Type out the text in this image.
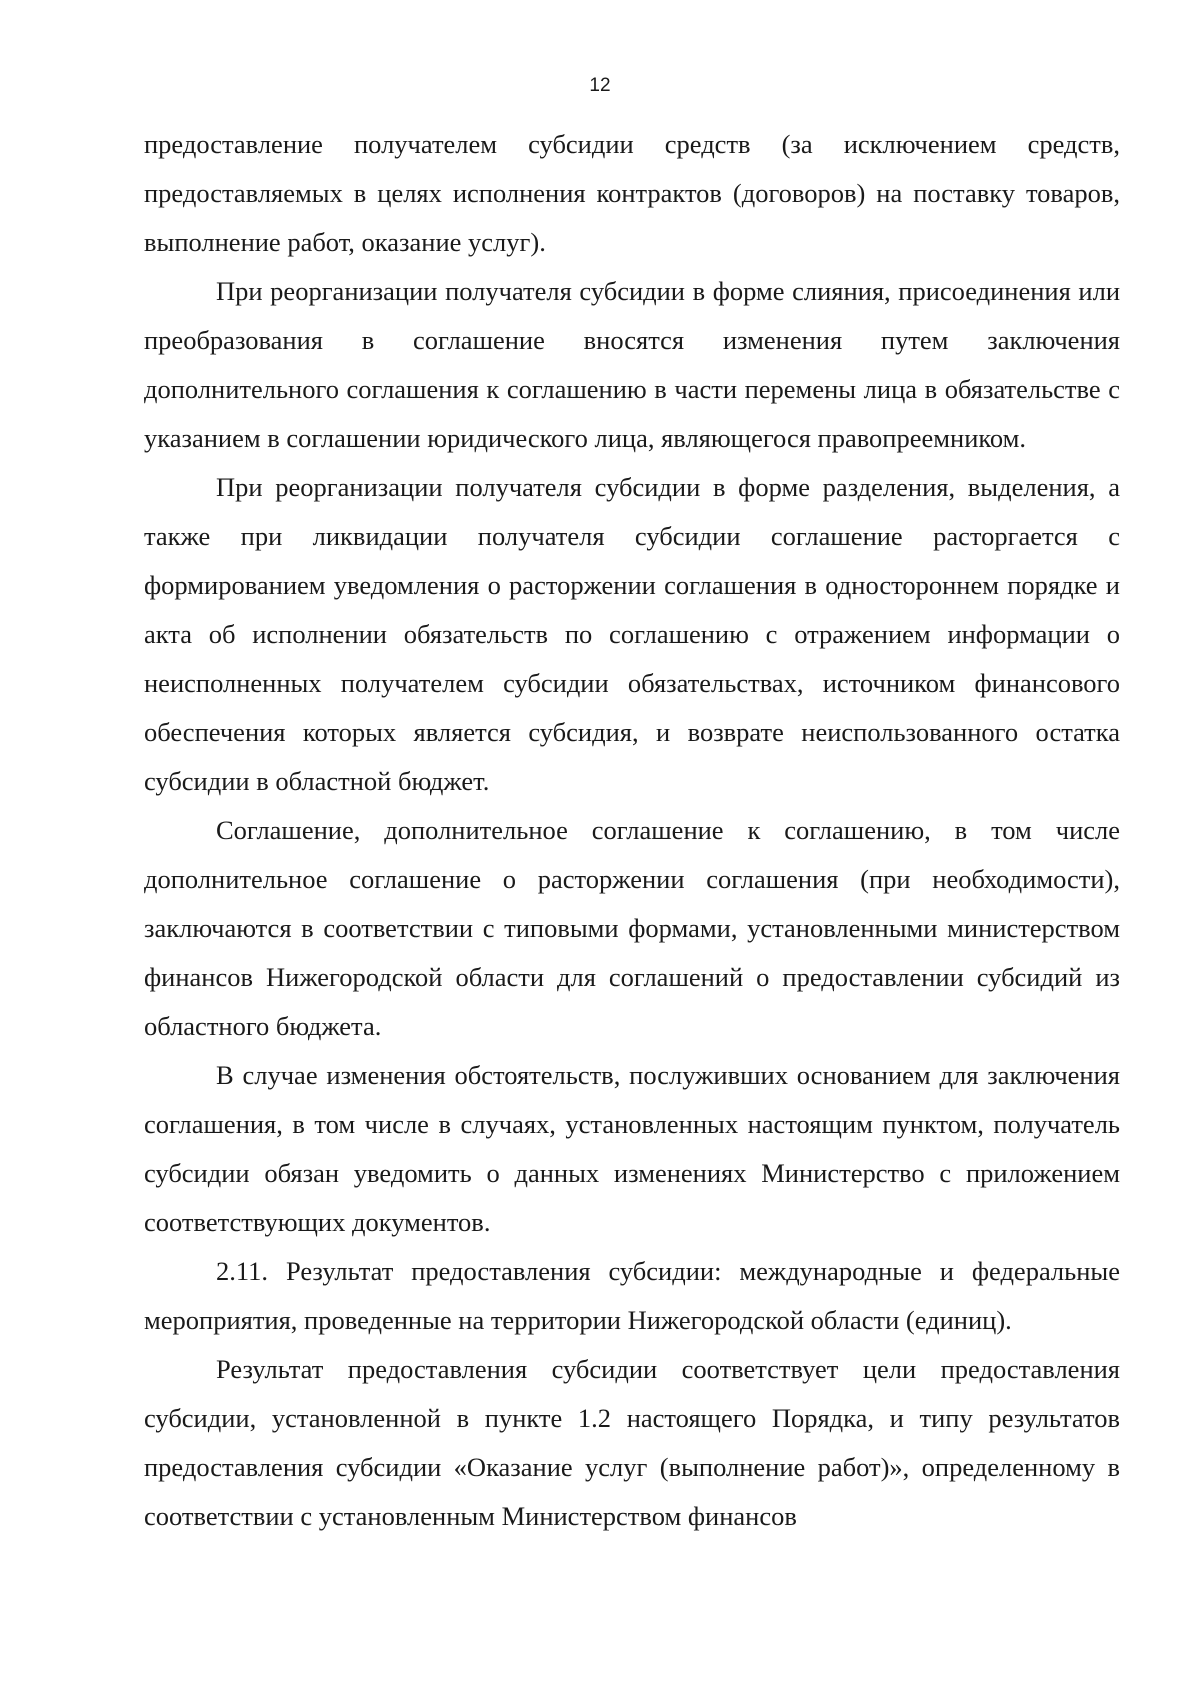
12

предоставление получателем субсидии средств (за исключением средств, предоставляемых в целях исполнения контрактов (договоров) на поставку товаров, выполнение работ, оказание услуг).

При реорганизации получателя субсидии в форме слияния, присоединения или преобразования в соглашение вносятся изменения путем заключения дополнительного соглашения к соглашению в части перемены лица в обязательстве с указанием в соглашении юридического лица, являющегося правопреемником.

При реорганизации получателя субсидии в форме разделения, выделения, а также при ликвидации получателя субсидии соглашение расторгается с формированием уведомления о расторжении соглашения в одностороннем порядке и акта об исполнении обязательств по соглашению с отражением информации о неисполненных получателем субсидии обязательствах, источником финансового обеспечения которых является субсидия, и возврате неиспользованного остатка субсидии в областной бюджет.

Соглашение, дополнительное соглашение к соглашению, в том числе дополнительное соглашение о расторжении соглашения (при необходимости), заключаются в соответствии с типовыми формами, установленными министерством финансов Нижегородской области для соглашений о предоставлении субсидий из областного бюджета.

В случае изменения обстоятельств, послуживших основанием для заключения соглашения, в том числе в случаях, установленных настоящим пунктом, получатель субсидии обязан уведомить о данных изменениях Министерство с приложением соответствующих документов.

2.11. Результат предоставления субсидии: международные и федеральные мероприятия, проведенные на территории Нижегородской области (единиц).

Результат предоставления субсидии соответствует цели предоставления субсидии, установленной в пункте 1.2 настоящего Порядка, и типу результатов предоставления субсидии «Оказание услуг (выполнение работ)», определенному в соответствии с установленным Министерством финансов
